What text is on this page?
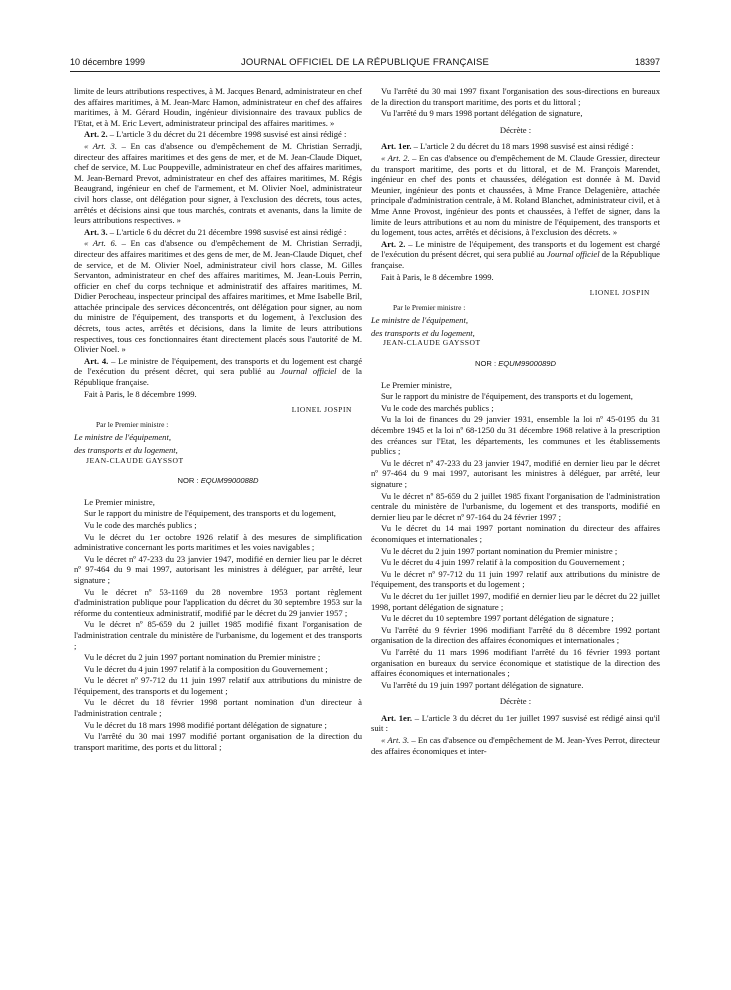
10 décembre 1999	JOURNAL OFFICIEL DE LA RÉPUBLIQUE FRANÇAISE	18397

limite de leurs attributions respectives, à M. Jacques Benard, administrateur en chef des affaires maritimes, à M. Jean-Marc Hamon, administrateur en chef des affaires maritimes, à M. Gérard Houdin, ingénieur divisionnaire des travaux publics de l'Etat, et à M. Eric Levert, administrateur principal des affaires maritimes. »

Art. 2. – L'article 3 du décret du 21 décembre 1998 susvisé est ainsi rédigé :

« Art. 3. – En cas d'absence ou d'empêchement de M. Christian Serradji, directeur des affaires maritimes et des gens de mer, et de M. Jean-Claude Diquet, chef de service, M. Luc Pouppeville, administrateur en chef des affaires maritimes, M. Jean-Bernard Prevot, administrateur en chef des affaires maritimes, M. Régis Beaugrand, ingénieur en chef de l'armement, et M. Olivier Noel, administrateur civil hors classe, ont délégation pour signer, à l'exclusion des décrets, tous actes, arrêtés et décisions ainsi que tous marchés, contrats et avenants, dans la limite de leurs attributions respectives. »

Art. 3. – L'article 6 du décret du 21 décembre 1998 susvisé est ainsi rédigé :

« Art. 6. – En cas d'absence ou d'empêchement de M. Christian Serradji, directeur des affaires maritimes et des gens de mer, de M. Jean-Claude Diquet, chef de service, et de M. Olivier Noel, administrateur civil hors classe, M. Gilles Servanton, administrateur en chef des affaires maritimes, M. Jean-Louis Perrin, officier en chef du corps technique et administratif des affaires maritimes, M. Didier Perocheau, inspecteur principal des affaires maritimes, et Mme Isabelle Bril, attachée principale des services déconcentrés, ont délégation pour signer, au nom du ministre de l'équipement, des transports et du logement, à l'exclusion des décrets, tous actes, arrêtés et décisions, dans la limite de leurs attributions respectives, tous ces fonctionnaires étant directement placés sous l'autorité de M. Olivier Noel. »

Art. 4. – Le ministre de l'équipement, des transports et du logement est chargé de l'exécution du présent décret, qui sera publié au Journal officiel de la République française.

Fait à Paris, le 8 décembre 1999.

LIONEL JOSPIN
Par le Premier ministre :

Le ministre de l'équipement,

des transports et du logement,

JEAN-CLAUDE GAYSSOT
NOR : EQUM9900088D

Le Premier ministre,

Sur le rapport du ministre de l'équipement, des transports et du logement,

Vu le code des marchés publics ;

Vu le décret du 1er octobre 1926 relatif à des mesures de simplification administrative concernant les ports maritimes et les voies navigables ;

Vu le décret nº 47-233 du 23 janvier 1947, modifié en dernier lieu par le décret nº 97-464 du 9 mai 1997, autorisant les ministres à déléguer, par arrêté, leur signature ;

Vu le décret nº 53-1169 du 28 novembre 1953 portant règlement d'administration publique pour l'application du décret du 30 septembre 1953 sur la réforme du contentieux administratif, modifié par le décret du 29 janvier 1957 ;

Vu le décret nº 85-659 du 2 juillet 1985 modifié fixant l'organisation de l'administration centrale du ministère de l'urbanisme, du logement et des transports ;

Vu le décret du 2 juin 1997 portant nomination du Premier ministre ;

Vu le décret du 4 juin 1997 relatif à la composition du Gouvernement ;

Vu le décret nº 97-712 du 11 juin 1997 relatif aux attributions du ministre de l'équipement, des transports et du logement ;

Vu le décret du 18 février 1998 portant nomination d'un directeur à l'administration centrale ;

Vu le décret du 18 mars 1998 modifié portant délégation de signature ;

Vu l'arrêté du 30 mai 1997 modifié portant organisation de la direction du transport maritime, des ports et du littoral ;

Vu l'arrêté du 30 mai 1997 fixant l'organisation des sous-directions en bureaux de la direction du transport maritime, des ports et du littoral ;

Vu l'arrêté du 9 mars 1998 portant délégation de signature,

Décrète :

Art. 1er. – L'article 2 du décret du 18 mars 1998 susvisé est ainsi rédigé :

« Art. 2. – En cas d'absence ou d'empêchement de M. Claude Gressier, directeur du transport maritime, des ports et du littoral, et de M. François Marendet, ingénieur en chef des ponts et chaussées, délégation est donnée à M. David Meunier, ingénieur des ponts et chaussées, à Mme France Delagenière, attachée principale d'administration centrale, à M. Roland Blanchet, administrateur civil, et à Mme Anne Provost, ingénieur des ponts et chaussées, à l'effet de signer, dans la limite de leurs attributions et au nom du ministre de l'équipement, des transports et du logement, tous actes, arrêtés et décisions, à l'exclusion des décrets. »

Art. 2. – Le ministre de l'équipement, des transports et du logement est chargé de l'exécution du présent décret, qui sera publié au Journal officiel de la République française.

Fait à Paris, le 8 décembre 1999.

LIONEL JOSPIN
Par le Premier ministre :

Le ministre de l'équipement,

des transports et du logement,

JEAN-CLAUDE GAYSSOT
NOR : EQUM9900089D

Le Premier ministre,

Sur le rapport du ministre de l'équipement, des transports et du logement,

Vu le code des marchés publics ;

Vu la loi de finances du 29 janvier 1931, ensemble la loi nº 45-0195 du 31 décembre 1945 et la loi nº 68-1250 du 31 décembre 1968 relative à la prescription des créances sur l'Etat, les départements, les communes et les établissements publics ;

Vu le décret nº 47-233 du 23 janvier 1947, modifié en dernier lieu par le décret nº 97-464 du 9 mai 1997, autorisant les ministres à déléguer, par arrêté, leur signature ;

Vu le décret nº 85-659 du 2 juillet 1985 fixant l'organisation de l'administration centrale du ministère de l'urbanisme, du logement et des transports, modifié en dernier lieu par le décret nº 97-164 du 24 février 1997 ;

Vu le décret du 14 mai 1997 portant nomination du directeur des affaires économiques et internationales ;

Vu le décret du 2 juin 1997 portant nomination du Premier ministre ;

Vu le décret du 4 juin 1997 relatif à la composition du Gouvernement ;

Vu le décret nº 97-712 du 11 juin 1997 relatif aux attributions du ministre de l'équipement, des transports et du logement ;

Vu le décret du 1er juillet 1997, modifié en dernier lieu par le décret du 22 juillet 1998, portant délégation de signature ;

Vu le décret du 10 septembre 1997 portant délégation de signature ;

Vu l'arrêté du 9 février 1996 modifiant l'arrêté du 8 décembre 1992 portant organisation de la direction des affaires économiques et internationales ;

Vu l'arrêté du 11 mars 1996 modifiant l'arrêté du 16 février 1993 portant organisation en bureaux du service économique et statistique de la direction des affaires économiques et internationales ;

Vu l'arrêté du 19 juin 1997 portant délégation de signature.

Décrète :

Art. 1er. – L'article 3 du décret du 1er juillet 1997 susvisé est rédigé ainsi qu'il suit :

« Art. 3. – En cas d'absence ou d'empêchement de M. Jean-Yves Perrot, directeur des affaires économiques et inter-
